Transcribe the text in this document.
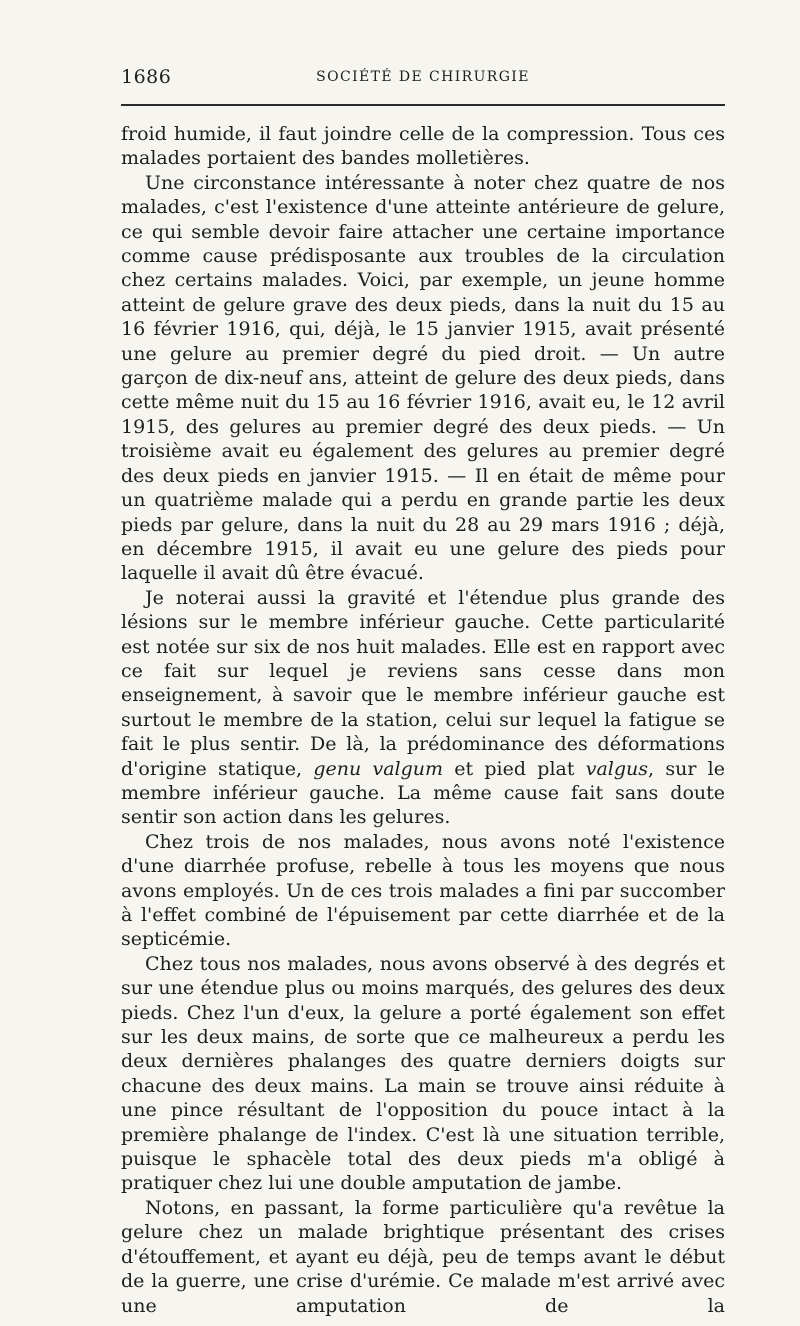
1686	SOCIÉTÉ DE CHIRURGIE

froid humide, il faut joindre celle de la compression. Tous ces malades portaient des bandes molletières.

Une circonstance intéressante à noter chez quatre de nos malades, c'est l'existence d'une atteinte antérieure de gelure, ce qui semble devoir faire attacher une certaine importance comme cause prédisposante aux troubles de la circulation chez certains malades. Voici, par exemple, un jeune homme atteint de gelure grave des deux pieds, dans la nuit du 15 au 16 février 1916, qui, déjà, le 15 janvier 1915, avait présenté une gelure au premier degré du pied droit. — Un autre garçon de dix-neuf ans, atteint de gelure des deux pieds, dans cette même nuit du 15 au 16 février 1916, avait eu, le 12 avril 1915, des gelures au premier degré des deux pieds. — Un troisième avait eu également des gelures au premier degré des deux pieds en janvier 1915. — Il en était de même pour un quatrième malade qui a perdu en grande partie les deux pieds par gelure, dans la nuit du 28 au 29 mars 1916 ; déjà, en décembre 1915, il avait eu une gelure des pieds pour laquelle il avait dû être évacué.

Je noterai aussi la gravité et l'étendue plus grande des lésions sur le membre inférieur gauche. Cette particularité est notée sur six de nos huit malades. Elle est en rapport avec ce fait sur lequel je reviens sans cesse dans mon enseignement, à savoir que le membre inférieur gauche est surtout le membre de la station, celui sur lequel la fatigue se fait le plus sentir. De là, la prédominance des déformations d'origine statique, genu valgum et pied plat valgus, sur le membre inférieur gauche. La même cause fait sans doute sentir son action dans les gelures.

Chez trois de nos malades, nous avons noté l'existence d'une diarrhée profuse, rebelle à tous les moyens que nous avons employés. Un de ces trois malades a fini par succomber à l'effet combiné de l'épuisement par cette diarrhée et de la septicémie.

Chez tous nos malades, nous avons observé à des degrés et sur une étendue plus ou moins marqués, des gelures des deux pieds. Chez l'un d'eux, la gelure a porté également son effet sur les deux mains, de sorte que ce malheureux a perdu les deux dernières phalanges des quatre derniers doigts sur chacune des deux mains. La main se trouve ainsi réduite à une pince résultant de l'opposition du pouce intact à la première phalange de l'index. C'est là une situation terrible, puisque le sphacèle total des deux pieds m'a obligé à pratiquer chez lui une double amputation de jambe.

Notons, en passant, la forme particulière qu'a revêtue la gelure chez un malade brightique présentant des crises d'étouffement, et ayant eu déjà, peu de temps avant le début de la guerre, une crise d'urémie. Ce malade m'est arrivé avec une amputation de la
